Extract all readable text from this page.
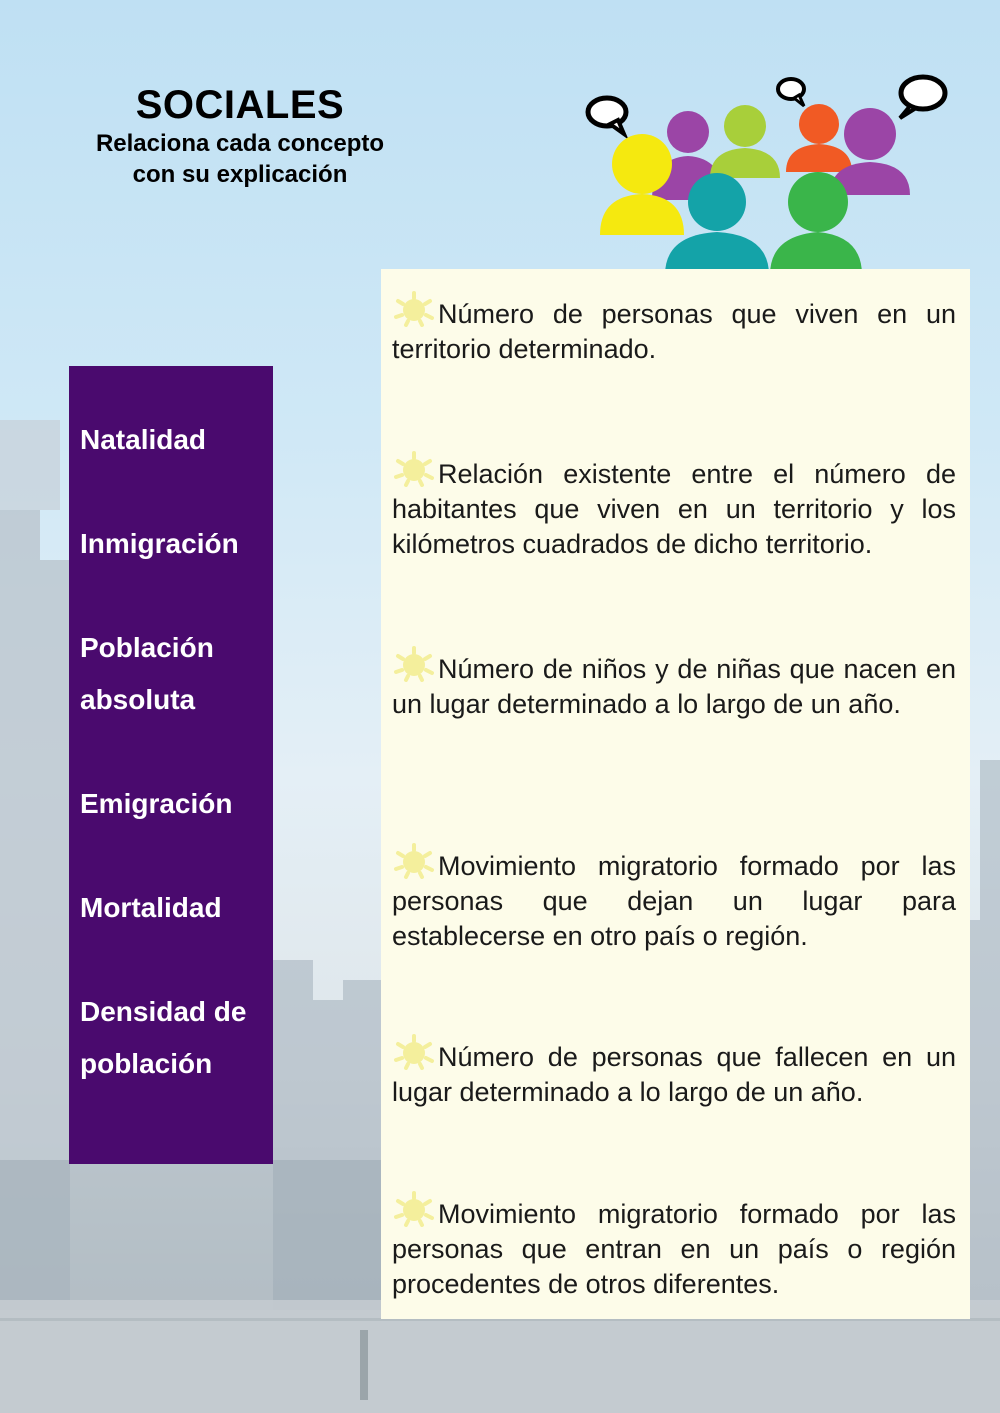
SOCIALES
Relaciona cada concepto
con su explicación
Natalidad
Inmigración
Población
absoluta
Emigración
Mortalidad
Densidad de
población
Número de personas que viven en un territorio determinado.
Relación existente entre el número de habitantes que viven en un territorio y los kilómetros cuadrados de dicho territorio.
Número de niños y de niñas que nacen en un lugar determinado a lo largo de un año.
Movimiento migratorio formado por las personas que dejan un lugar para establecerse en otro país o región.
Número de personas que fallecen en un lugar determinado a lo largo de un año.
Movimiento migratorio formado por las personas que entran en un país o región procedentes de otros diferentes.
